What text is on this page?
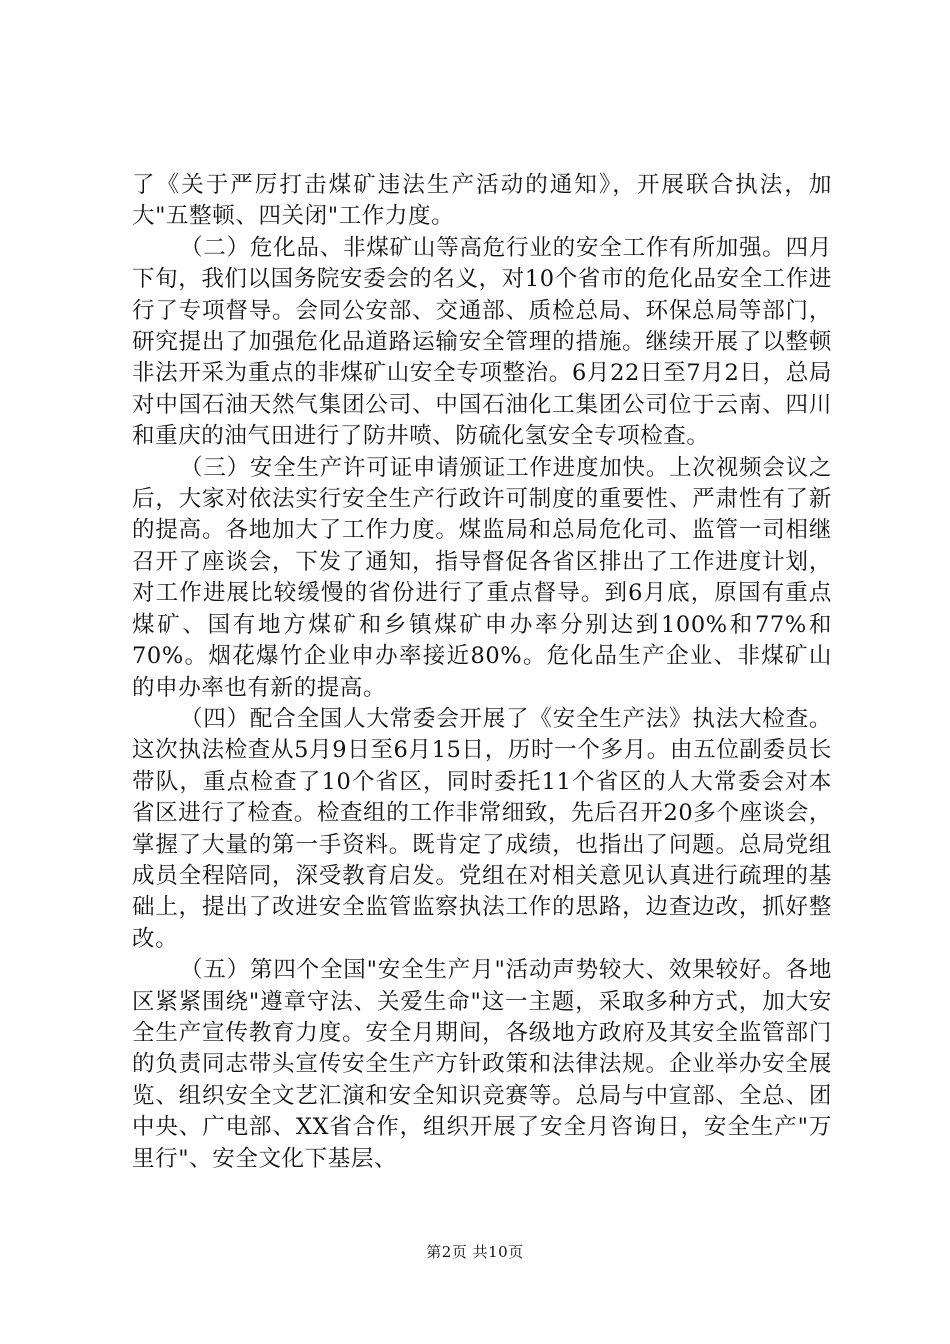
了《关于严厉打击煤矿违法生产活动的通知》，开展联合执法，加大"五整顿、四关闭"工作力度。

（二）危化品、非煤矿山等高危行业的安全工作有所加强。四月下旬，我们以国务院安委会的名义，对10个省市的危化品安全工作进行了专项督导。会同公安部、交通部、质检总局、环保总局等部门，研究提出了加强危化品道路运输安全管理的措施。继续开展了以整顿非法开采为重点的非煤矿山安全专项整治。6月22日至7月2日，总局对中国石油天然气集团公司、中国石油化工集团公司位于云南、四川和重庆的油气田进行了防井喷、防硫化氢安全专项检查。

（三）安全生产许可证申请颁证工作进度加快。上次视频会议之后，大家对依法实行安全生产行政许可制度的重要性、严肃性有了新的提高。各地加大了工作力度。煤监局和总局危化司、监管一司相继召开了座谈会，下发了通知，指导督促各省区排出了工作进度计划，对工作进展比较缓慢的省份进行了重点督导。到6月底，原国有重点煤矿、国有地方煤矿和乡镇煤矿申办率分别达到100%和77%和70%。烟花爆竹企业申办率接近80%。危化品生产企业、非煤矿山的申办率也有新的提高。

（四）配合全国人大常委会开展了《安全生产法》执法大检查。这次执法检查从5月9日至6月15日，历时一个多月。由五位副委员长带队，重点检查了10个省区，同时委托11个省区的人大常委会对本省区进行了检查。检查组的工作非常细致，先后召开20多个座谈会，掌握了大量的第一手资料。既肯定了成绩，也指出了问题。总局党组成员全程陪同，深受教育启发。党组在对相关意见认真进行疏理的基础上，提出了改进安全监管监察执法工作的思路，边查边改，抓好整改。

（五）第四个全国"安全生产月"活动声势较大、效果较好。各地区紧紧围绕"遵章守法、关爱生命"这一主题，采取多种方式，加大安全生产宣传教育力度。安全月期间，各级地方政府及其安全监管部门的负责同志带头宣传安全生产方针政策和法律法规。企业举办安全展览、组织安全文艺汇演和安全知识竞赛等。总局与中宣部、全总、团中央、广电部、XX省合作，组织开展了安全月咨询日，安全生产"万里行"、安全文化下基层、

第2页 共10页
